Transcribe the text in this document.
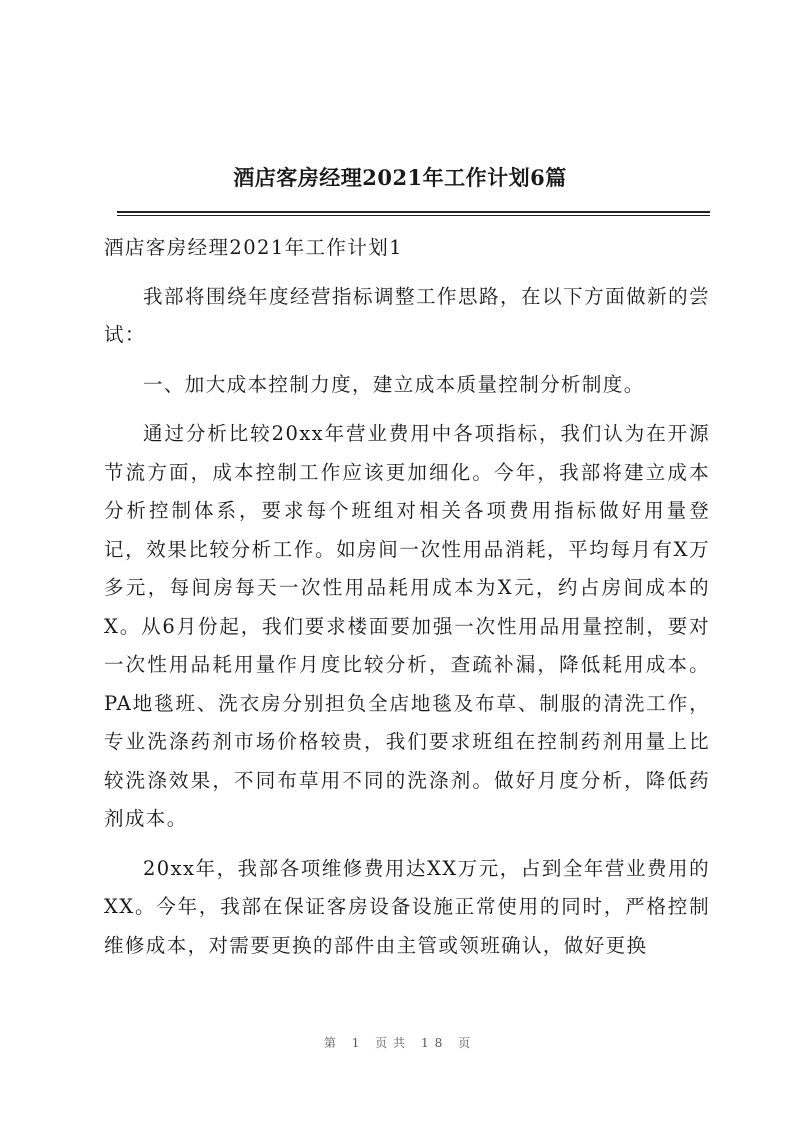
酒店客房经理2021年工作计划6篇

酒店客房经理2021年工作计划1

我部将围绕年度经营指标调整工作思路，在以下方面做新的尝试：

一、加大成本控制力度，建立成本质量控制分析制度。

通过分析比较20xx年营业费用中各项指标，我们认为在开源节流方面，成本控制工作应该更加细化。今年，我部将建立成本分析控制体系，要求每个班组对相关各项费用指标做好用量登记，效果比较分析工作。如房间一次性用品消耗，平均每月有X万多元，每间房每天一次性用品耗用成本为X元，约占房间成本的X。从6月份起，我们要求楼面要加强一次性用品用量控制，要对一次性用品耗用量作月度比较分析，查疏补漏，降低耗用成本。PA地毯班、洗衣房分别担负全店地毯及布草、制服的清洗工作，专业洗涤药剂市场价格较贵，我们要求班组在控制药剂用量上比较洗涤效果，不同布草用不同的洗涤剂。做好月度分析，降低药剂成本。

20xx年，我部各项维修费用达XX万元，占到全年营业费用的XX。今年，我部在保证客房设备设施正常使用的同时，严格控制维修成本，对需要更换的部件由主管或领班确认，做好更换

第 1 页共 18 页
